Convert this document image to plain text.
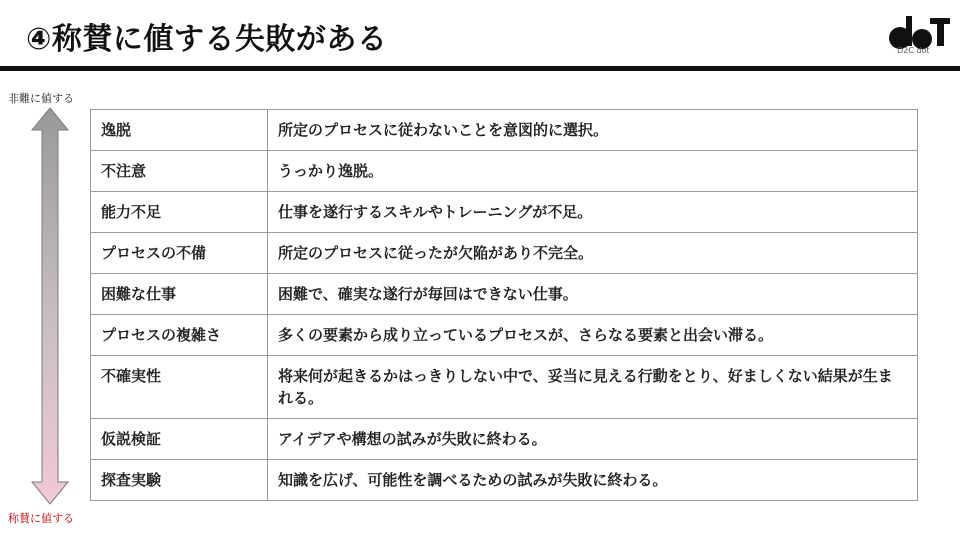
④称賛に値する失敗がある	D2C dot
非難に値する
称賛に値する
逸脱	所定のプロセスに従わないことを意図的に選択。
不注意	うっかり逸脱。
能力不足	仕事を遂行するスキルやトレーニングが不足。
プロセスの不備	所定のプロセスに従ったが欠陥があり不完全。
困難な仕事	困難で、確実な遂行が毎回はできない仕事。
プロセスの複雑さ	多くの要素から成り立っているプロセスが、さらなる要素と出会い滞る。
不確実性	将来何が起きるかはっきりしない中で、妥当に見える行動をとり、好ましくない結果が生まれる。
仮説検証	アイデアや構想の試みが失敗に終わる。
探査実験	知識を広げ、可能性を調べるための試みが失敗に終わる。
